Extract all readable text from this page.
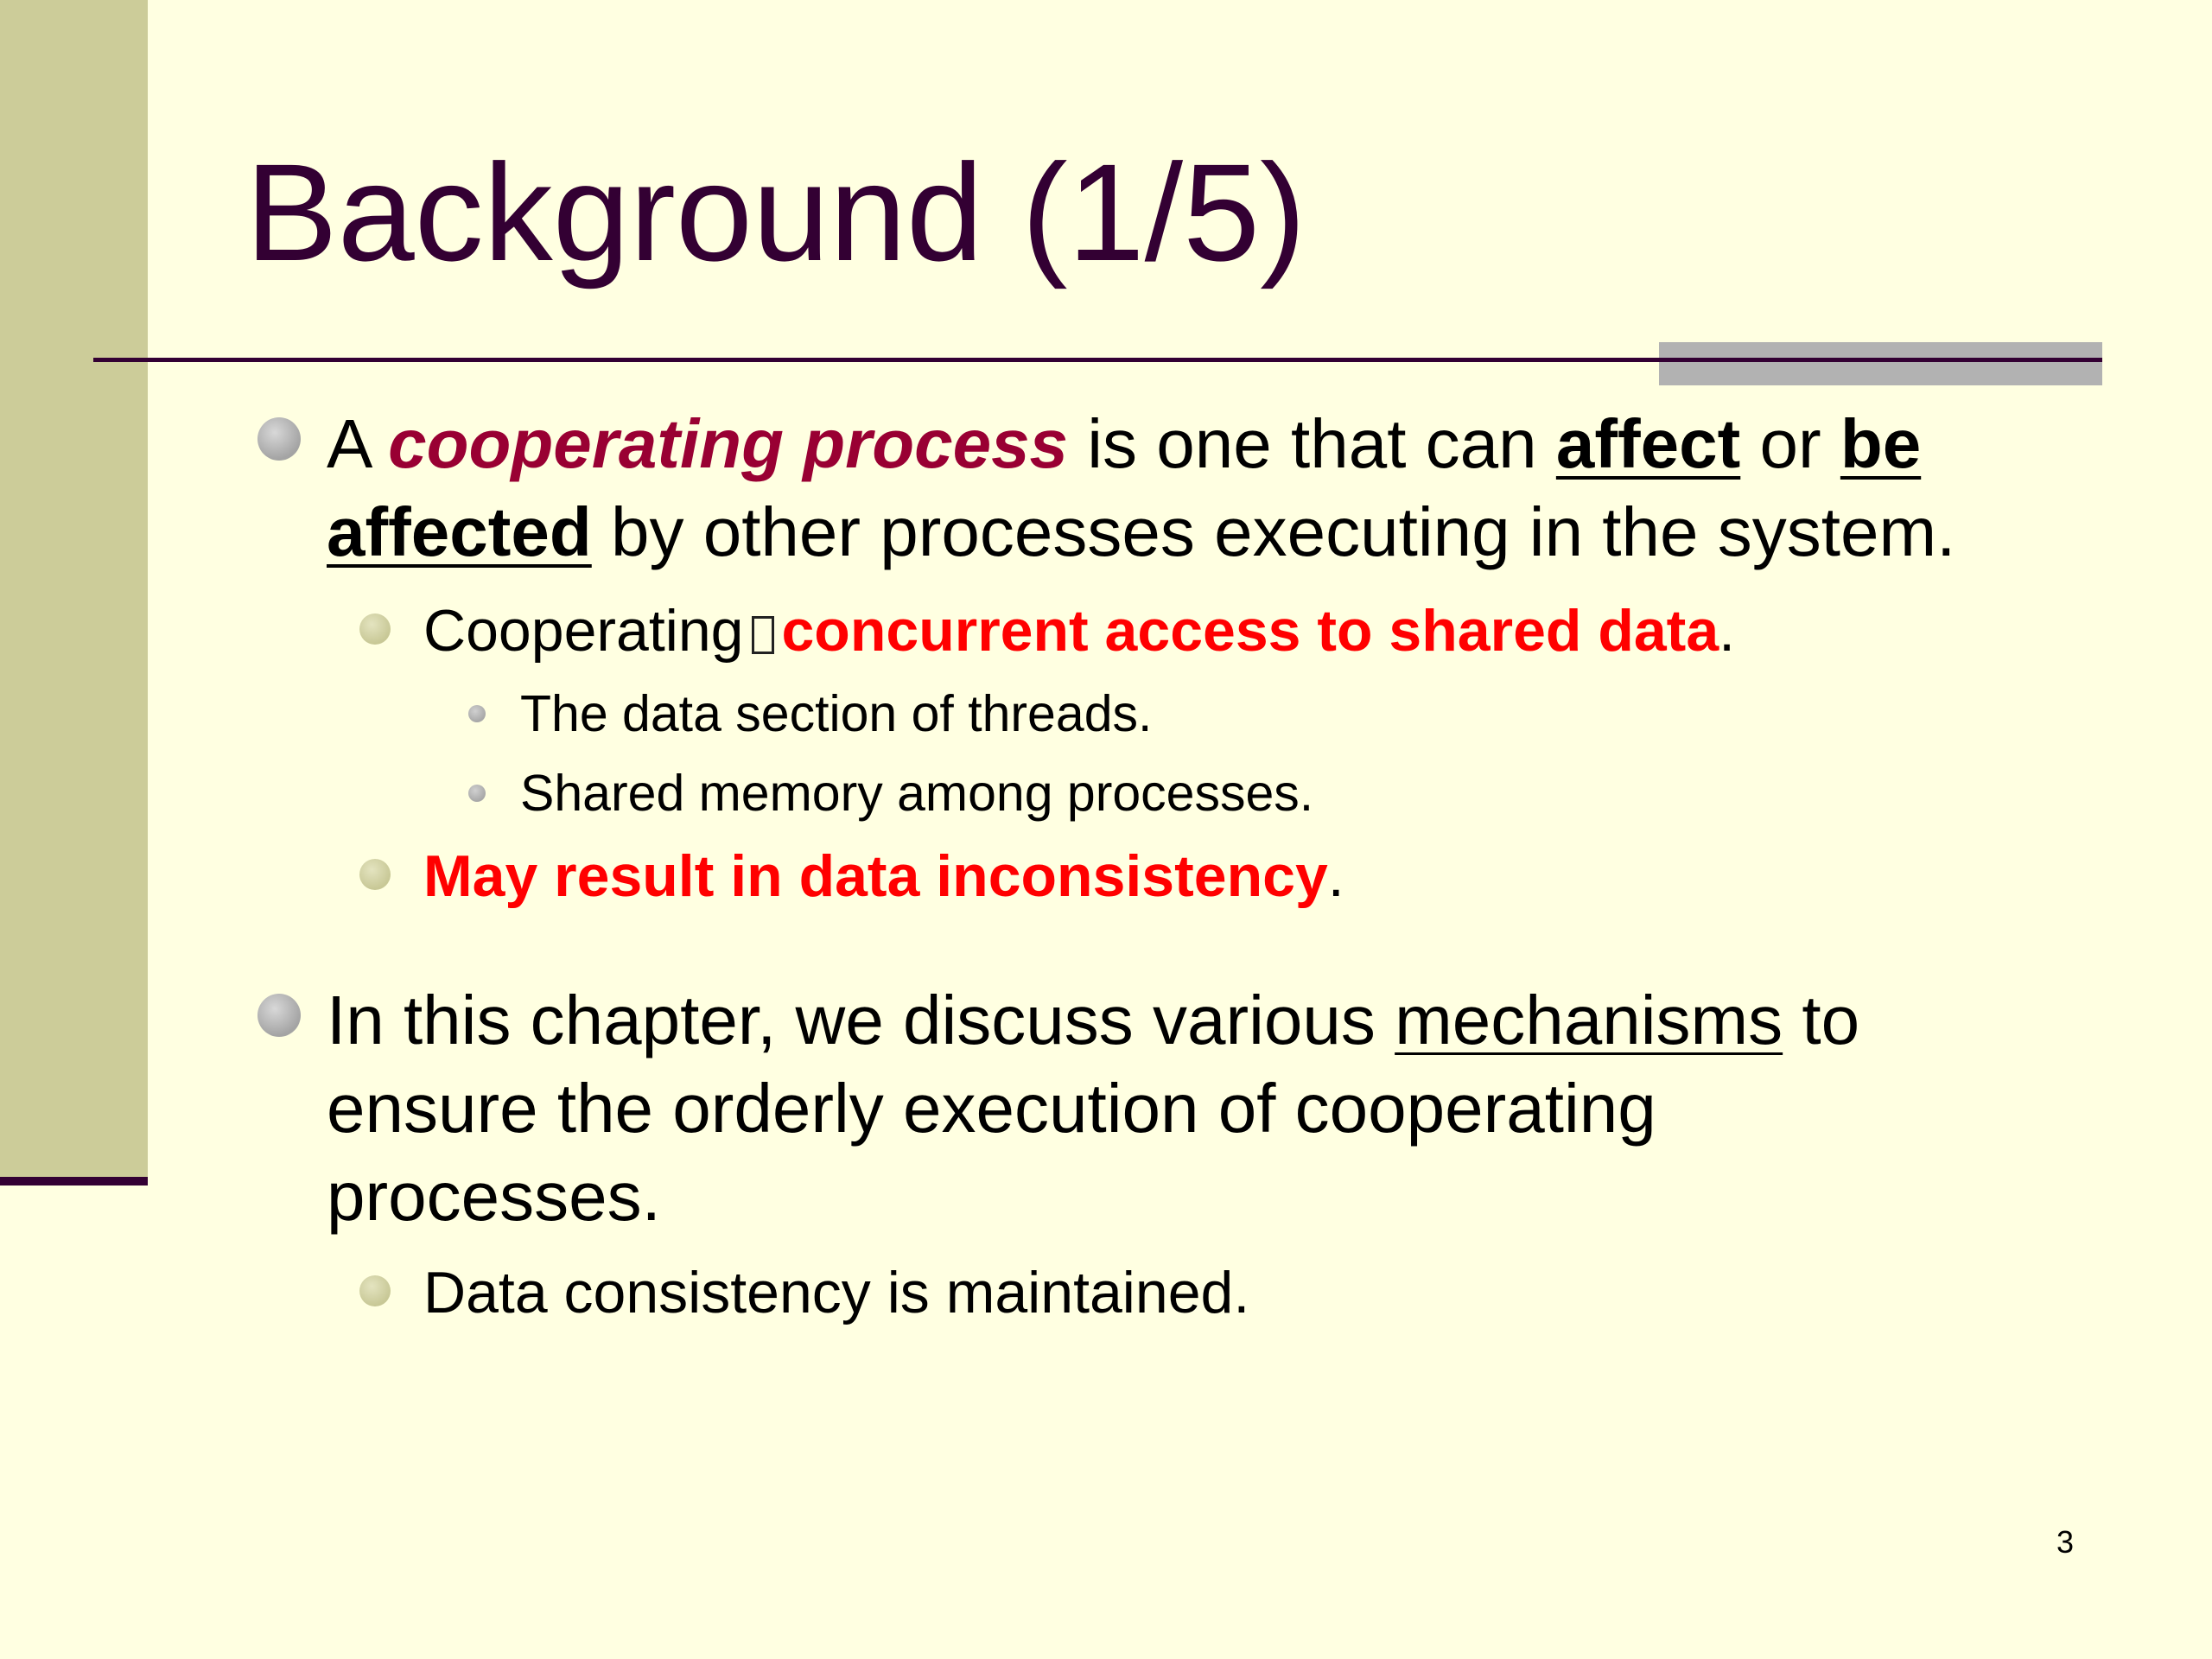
Background (1/5)
A cooperating process is one that can affect or be
affected by other processes executing in the system.
Cooperating concurrent access to shared data.
The data section of threads.
Shared memory among processes.
May result in data inconsistency.
In this chapter, we discuss various mechanisms to
ensure the orderly execution of cooperating
processes.
Data consistency is maintained.
3
